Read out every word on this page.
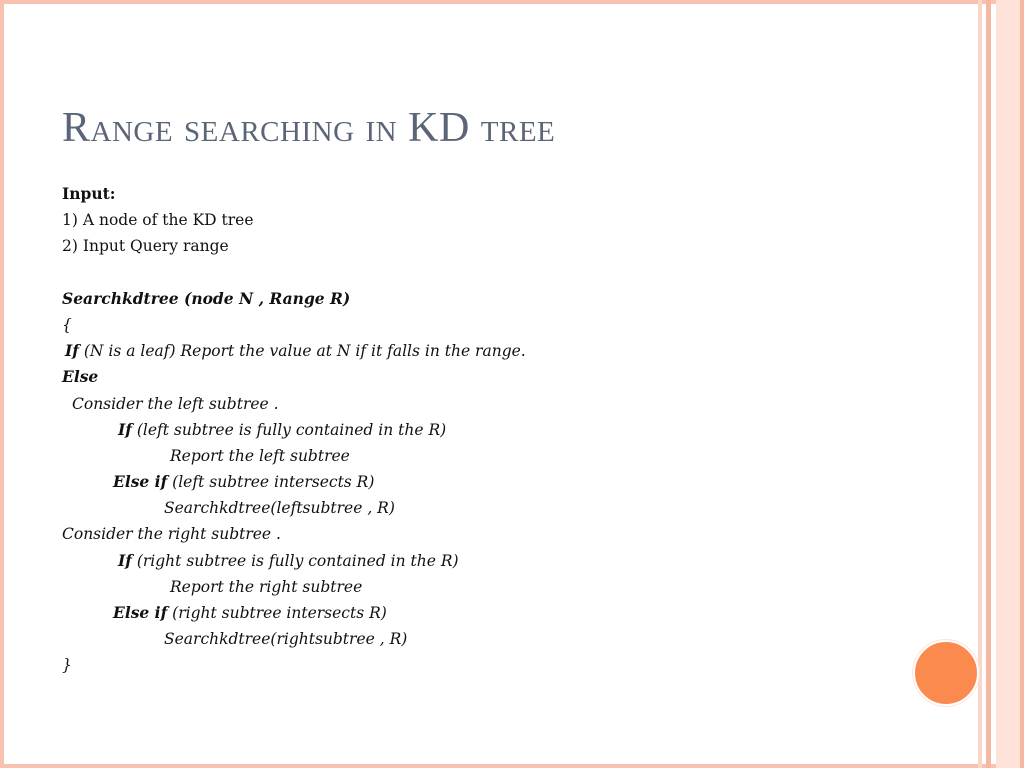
Range searching in KD tree
Input:
1) A node of the KD tree
2) Input Query range
Searchkdtree (node N , Range R)
{
If (N is a leaf) Report the value at N if it falls in the range.
Else
Consider the left subtree .
If (left subtree is fully contained in the R)
Report the left subtree
Else if (left subtree intersects R)
Searchkdtree(leftsubtree , R)
Consider the right subtree .
If (right subtree is fully contained in the R)
Report the right subtree
Else if (right subtree intersects R)
Searchkdtree(rightsubtree , R)
}
